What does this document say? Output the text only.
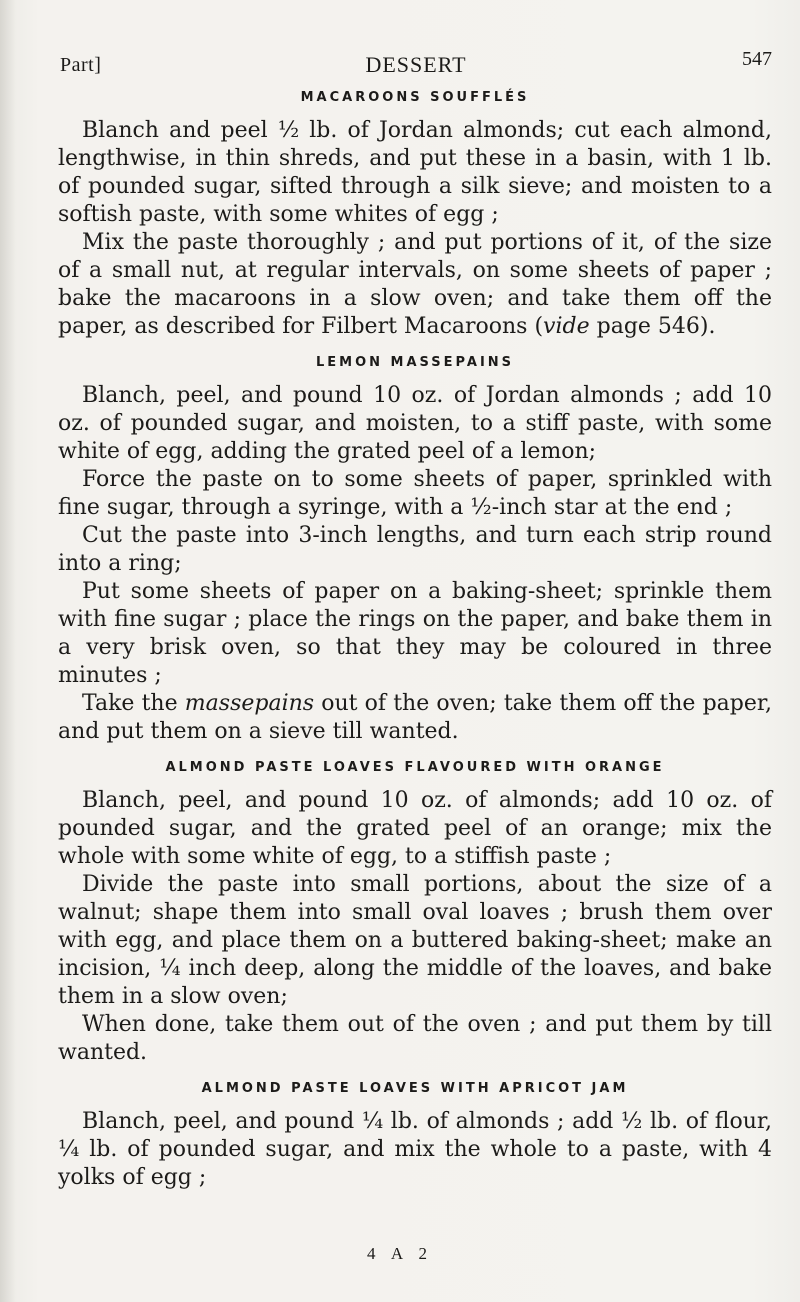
Part]	DESSERT	547
MACAROONS SOUFFLÉS

Blanch and peel ½ lb. of Jordan almonds; cut each almond, lengthwise, in thin shreds, and put these in a basin, with 1 lb. of pounded sugar, sifted through a silk sieve; and moisten to a softish paste, with some whites of egg ;

Mix the paste thoroughly ; and put portions of it, of the size of a small nut, at regular intervals, on some sheets of paper ; bake the macaroons in a slow oven; and take them off the paper, as described for Filbert Macaroons (vide page 546).

LEMON MASSEPAINS

Blanch, peel, and pound 10 oz. of Jordan almonds ; add 10 oz. of pounded sugar, and moisten, to a stiff paste, with some white of egg, adding the grated peel of a lemon;

Force the paste on to some sheets of paper, sprinkled with fine sugar, through a syringe, with a ½-inch star at the end ;

Cut the paste into 3-inch lengths, and turn each strip round into a ring;

Put some sheets of paper on a baking-sheet; sprinkle them with fine sugar ; place the rings on the paper, and bake them in a very brisk oven, so that they may be coloured in three minutes ;

Take the massepains out of the oven; take them off the paper, and put them on a sieve till wanted.

ALMOND PASTE LOAVES FLAVOURED WITH ORANGE

Blanch, peel, and pound 10 oz. of almonds; add 10 oz. of pounded sugar, and the grated peel of an orange; mix the whole with some white of egg, to a stiffish paste ;

Divide the paste into small portions, about the size of a walnut; shape them into small oval loaves ; brush them over with egg, and place them on a buttered baking-sheet; make an incision, ¼ inch deep, along the middle of the loaves, and bake them in a slow oven;

When done, take them out of the oven ; and put them by till wanted.

ALMOND PASTE LOAVES WITH APRICOT JAM

Blanch, peel, and pound ¼ lb. of almonds ; add ½ lb. of flour, ¼ lb. of pounded sugar, and mix the whole to a paste, with 4 yolks of egg ;

4 A 2
